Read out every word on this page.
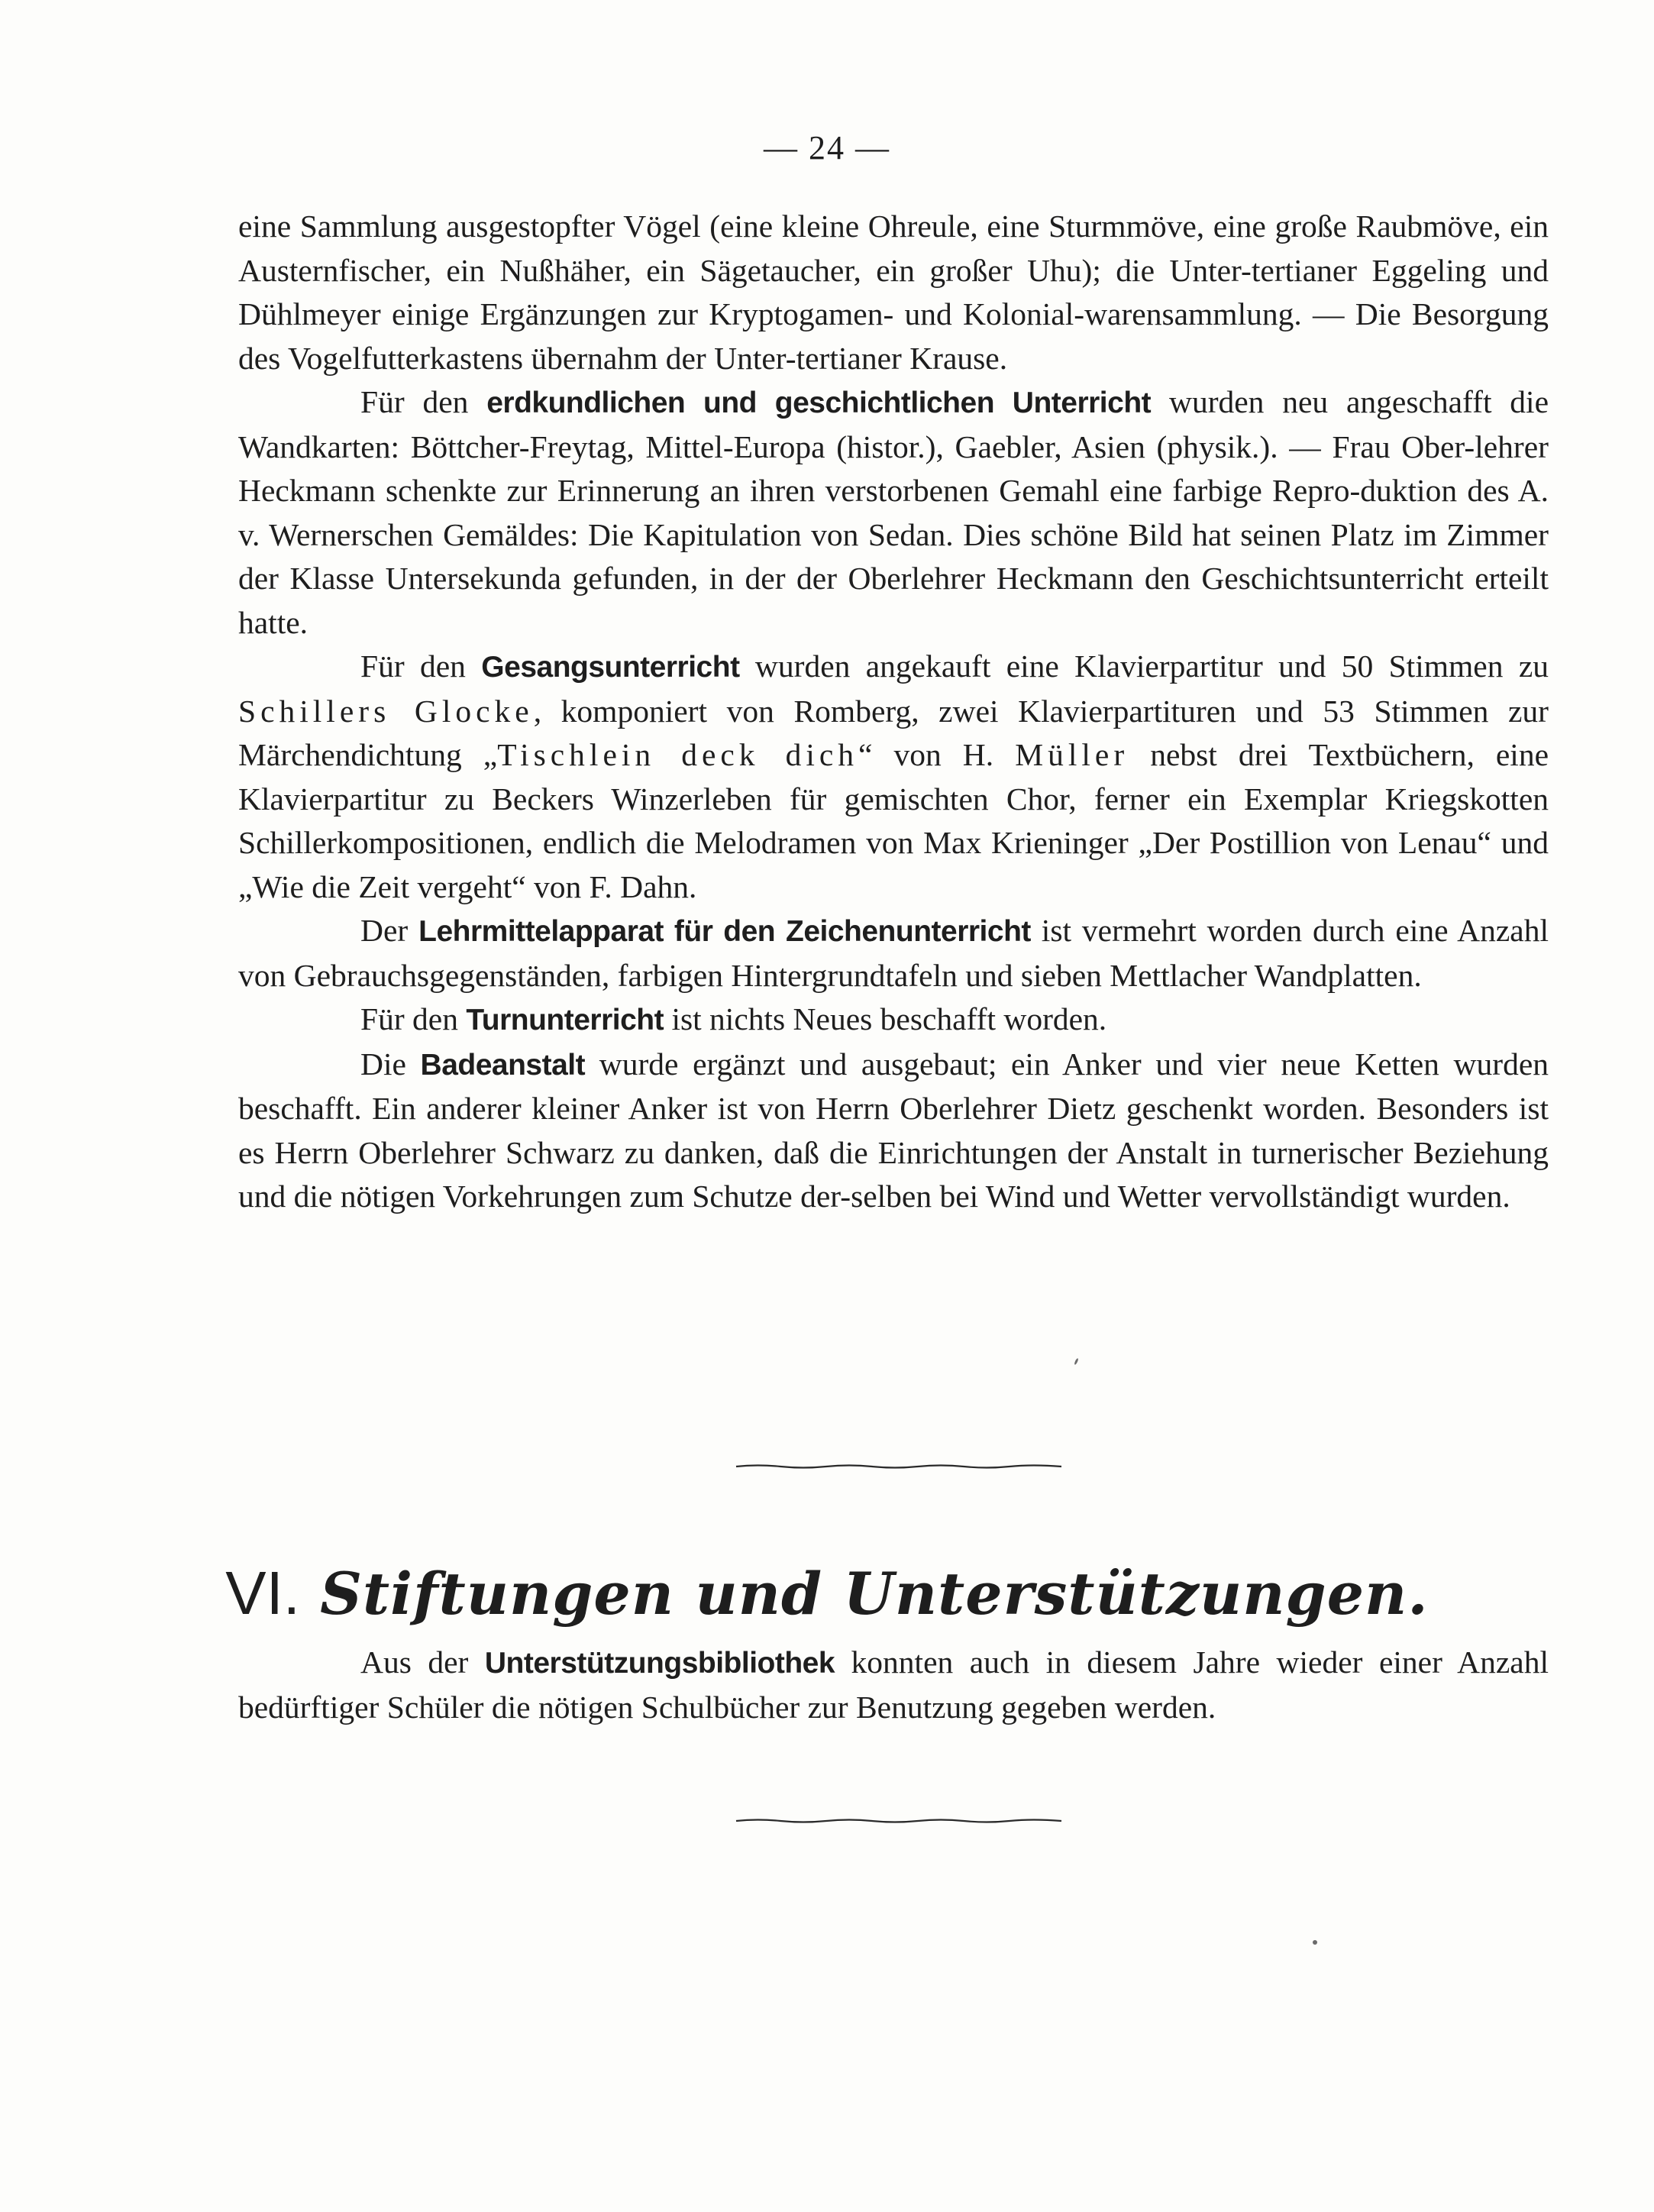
— 24 —

eine Sammlung ausgestopfter Vögel (eine kleine Ohreule, eine Sturmmöve, eine große Raubmöve, ein Austernfischer, ein Nußhäher, ein Sägetaucher, ein großer Uhu); die Unter-tertianer Eggeling und Dühlmeyer einige Ergänzungen zur Kryptogamen- und Kolonial-warensammlung. — Die Besorgung des Vogelfutterkastens übernahm der Unter-tertianer Krause.

Für den erdkundlichen und geschichtlichen Unterricht wurden neu angeschafft die Wandkarten: Böttcher-Freytag, Mittel-Europa (histor.), Gaebler, Asien (physik.). — Frau Ober-lehrer Heckmann schenkte zur Erinnerung an ihren verstorbenen Gemahl eine farbige Repro-duktion des A. v. Wernerschen Gemäldes: Die Kapitulation von Sedan. Dies schöne Bild hat seinen Platz im Zimmer der Klasse Untersekunda gefunden, in der der Oberlehrer Heckmann den Geschichtsunterricht erteilt hatte.

Für den Gesangsunterricht wurden angekauft eine Klavierpartitur und 50 Stimmen zu Schillers Glocke, komponiert von Romberg, zwei Klavierpartituren und 53 Stimmen zur Märchendichtung „Tischlein deck dich“ von H. Müller nebst drei Textbüchern, eine Klavierpartitur zu Beckers Winzerleben für gemischten Chor, ferner ein Exemplar Kriegskotten Schillerkompositionen, endlich die Melodramen von Max Krieninger „Der Postillion von Lenau“ und „Wie die Zeit vergeht“ von F. Dahn.

Der Lehrmittelapparat für den Zeichenunterricht ist vermehrt worden durch eine Anzahl von Gebrauchsgegenständen, farbigen Hintergrundtafeln und sieben Mettlacher Wandplatten.

Für den Turnunterricht ist nichts Neues beschafft worden.

Die Badeanstalt wurde ergänzt und ausgebaut; ein Anker und vier neue Ketten wurden beschafft. Ein anderer kleiner Anker ist von Herrn Oberlehrer Dietz geschenkt worden. Besonders ist es Herrn Oberlehrer Schwarz zu danken, daß die Einrichtungen der Anstalt in turnerischer Beziehung und die nötigen Vorkehrungen zum Schutze der-selben bei Wind und Wetter vervollständigt wurden.

VI. Stiftungen und Unterstützungen.

Aus der Unterstützungsbibliothek konnten auch in diesem Jahre wieder einer Anzahl bedürftiger Schüler die nötigen Schulbücher zur Benutzung gegeben werden.
